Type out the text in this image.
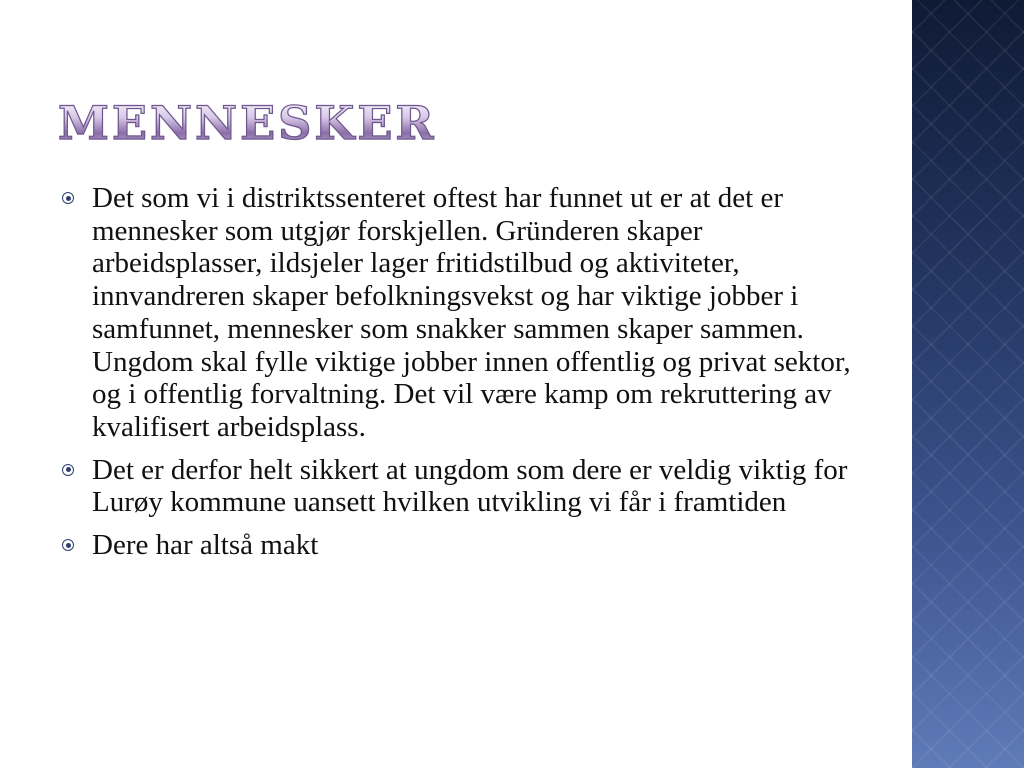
MENNESKER
Det som vi i distriktssenteret oftest har funnet ut er at det er mennesker som utgjør forskjellen. Gründeren skaper arbeidsplasser, ildsjeler lager fritidstilbud og aktiviteter, innvandreren skaper befolkningsvekst og har viktige jobber i samfunnet, mennesker som snakker sammen skaper sammen. Ungdom skal fylle viktige jobber innen offentlig og privat sektor, og i offentlig forvaltning. Det vil være kamp om rekruttering av kvalifisert arbeidsplass.
Det er derfor helt sikkert at ungdom som dere er veldig viktig for Lurøy kommune uansett hvilken utvikling vi får i framtiden
Dere har altså makt
